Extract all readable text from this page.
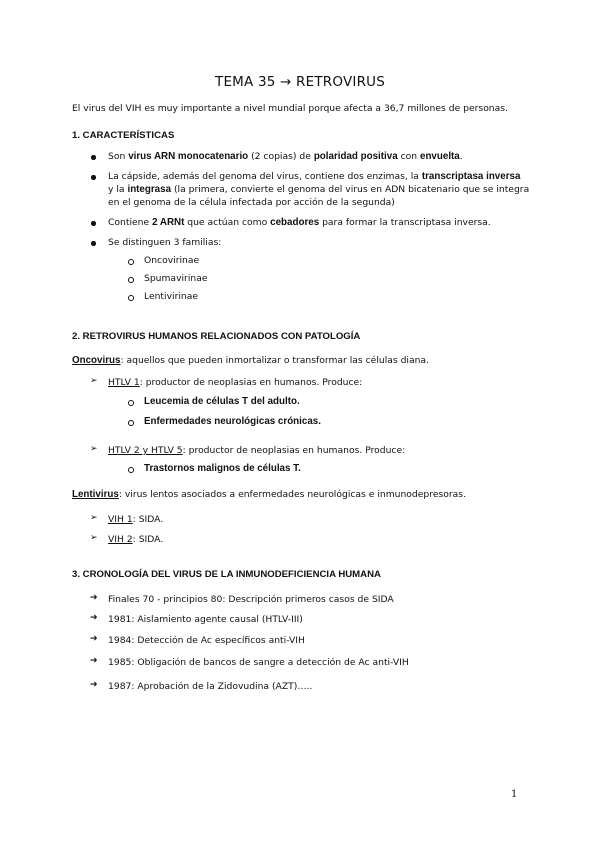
TEMA 35 → RETROVIRUS
El virus del VIH es muy importante a nivel mundial porque afecta a 36,7 millones de personas.
1. CARACTERÍSTICAS
Son virus ARN monocatenario (2 copias) de polaridad positiva con envuelta.
La cápside, además del genoma del virus, contiene dos enzimas, la transcriptasa inversa
y la integrasa (la primera, convierte el genoma del virus en ADN bicatenario que se integra
en el genoma de la célula infectada por acción de la segunda)
Contiene 2 ARNt que actúan como cebadores para formar la transcriptasa inversa.
Se distinguen 3 familias:
Oncovirinae
Spumavirinae
Lentivirinae
2. RETROVIRUS HUMANOS RELACIONADOS CON PATOLOGÍA
Oncovirus: aquellos que pueden inmortalizar o transformar las células diana.
➢ HTLV 1: productor de neoplasias en humanos. Produce:
Leucemia de células T del adulto.
Enfermedades neurológicas crónicas.
➢ HTLV 2 y HTLV 5: productor de neoplasias en humanos. Produce:
Trastornos malignos de células T.
Lentivirus: virus lentos asociados a enfermedades neurológicas e inmunodepresoras.
➢ VIH 1: SIDA.
➢ VIH 2: SIDA.
3. CRONOLOGÍA DEL VIRUS DE LA INMUNODEFICIENCIA HUMANA
➔ Finales 70 - principios 80: Descripción primeros casos de SIDA
➔ 1981: Aislamiento agente causal (HTLV-III)
➔ 1984: Detección de Ac específicos anti-VIH
➔ 1985: Obligación de bancos de sangre a detección de Ac anti-VIH
➔ 1987: Aprobación de la Zidovudina (AZT)…..
1
